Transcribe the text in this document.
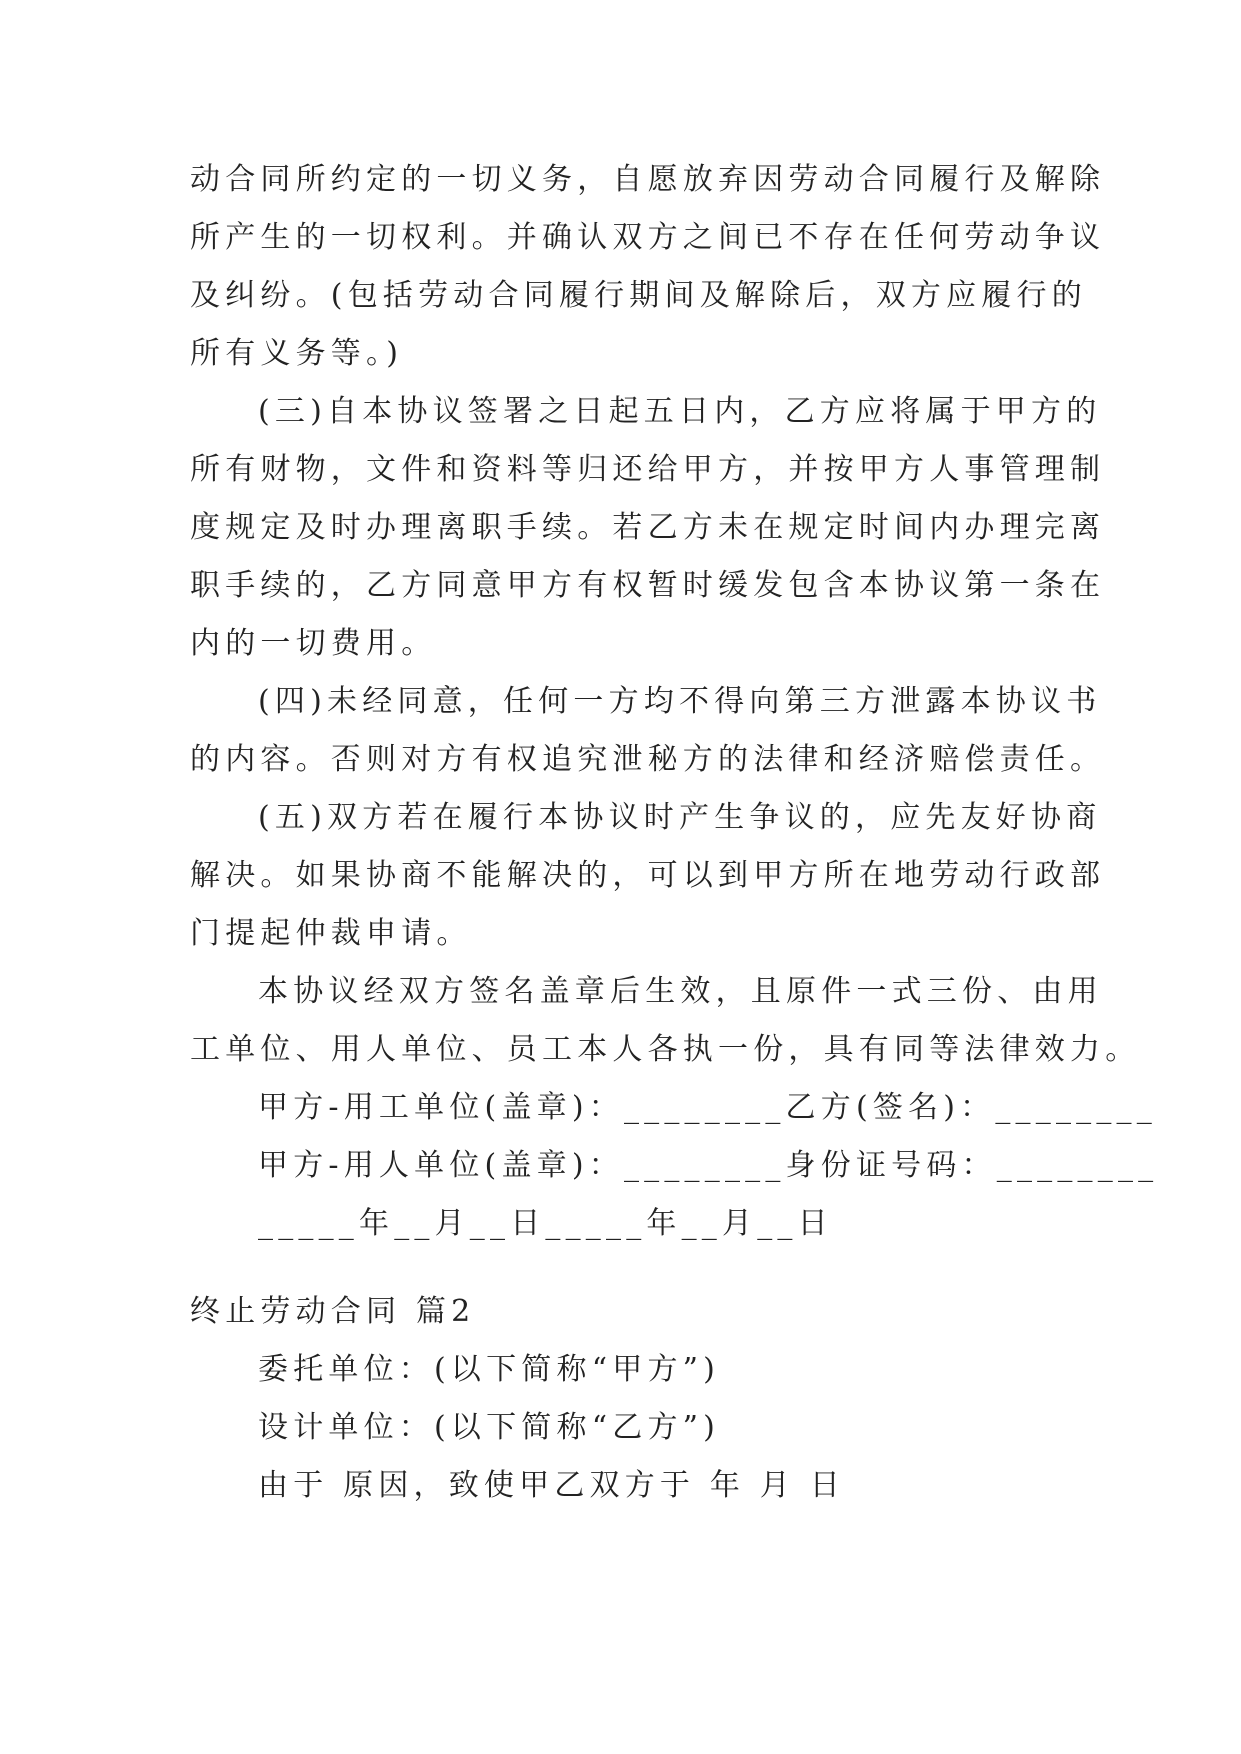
动合同所约定的一切义务，自愿放弃因劳动合同履行及解除
所产生的一切权利。并确认双方之间已不存在任何劳动争议
及纠纷。(包括劳动合同履行期间及解除后，双方应履行的
所有义务等。)
(三)自本协议签署之日起五日内，乙方应将属于甲方的
所有财物，文件和资料等归还给甲方，并按甲方人事管理制
度规定及时办理离职手续。若乙方未在规定时间内办理完离
职手续的，乙方同意甲方有权暂时缓发包含本协议第一条在
内的一切费用。
(四)未经同意，任何一方均不得向第三方泄露本协议书
的内容。否则对方有权追究泄秘方的法律和经济赔偿责任。
(五)双方若在履行本协议时产生争议的，应先友好协商
解决。如果协商不能解决的，可以到甲方所在地劳动行政部
门提起仲裁申请。
本协议经双方签名盖章后生效，且原件一式三份、由用
工单位、用人单位、员工本人各执一份，具有同等法律效力。
甲方-用工单位(盖章)：________乙方(签名)：________
甲方-用人单位(盖章)：________身份证号码：________
_____年__月__日_____年__月__日
终止劳动合同 篇2
委托单位：(以下简称“甲方”)
设计单位：(以下简称“乙方”)
由于 原因，致使甲乙双方于 年 月 日
